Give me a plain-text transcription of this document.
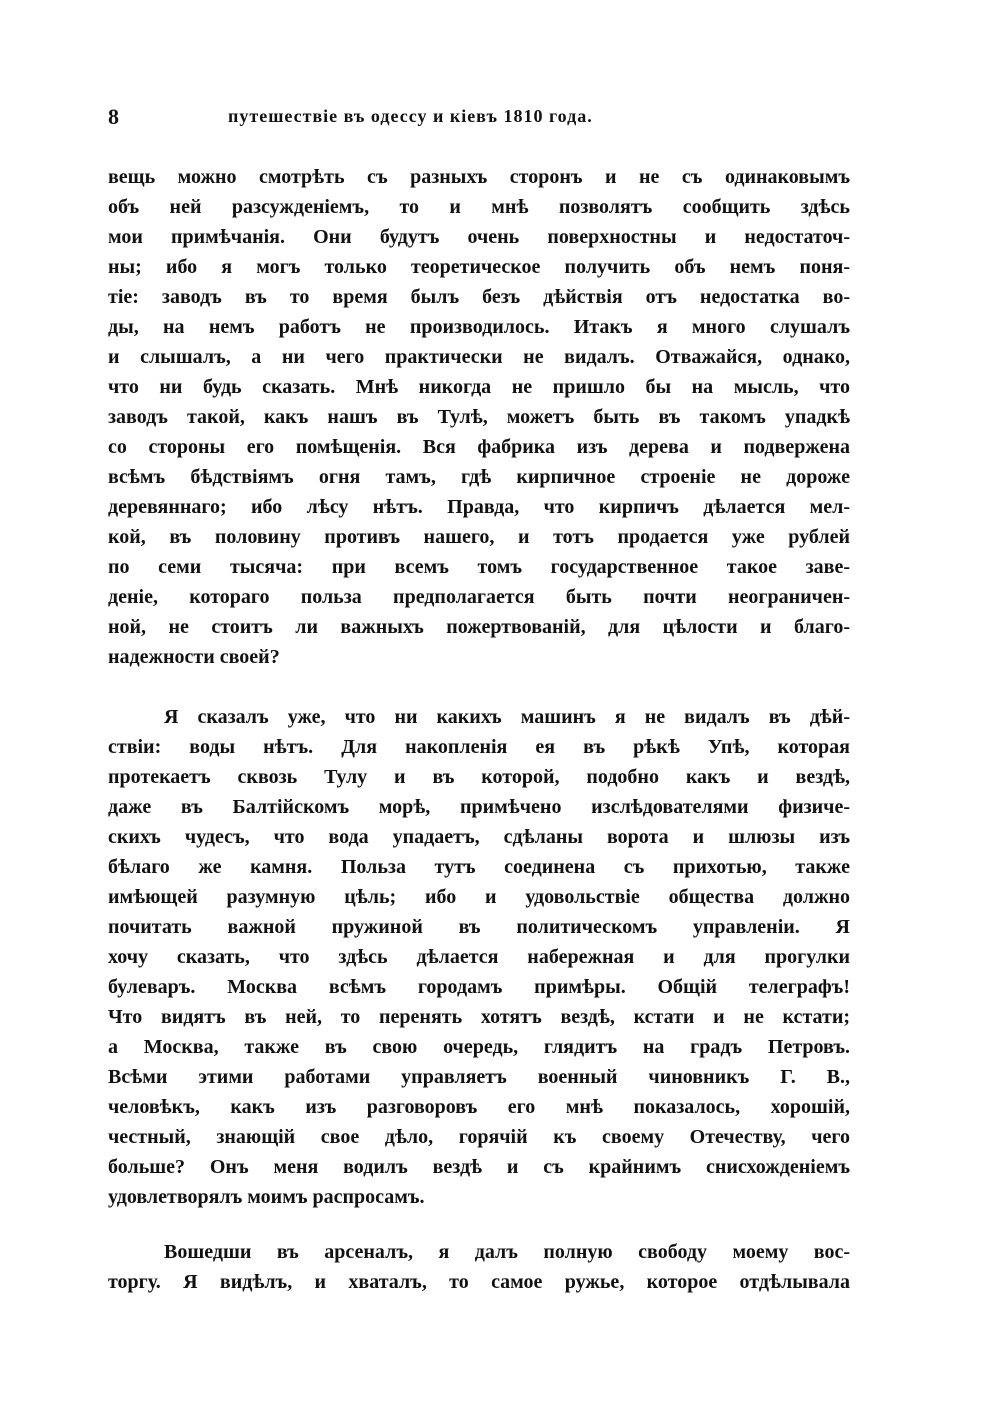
8	путешествіе въ одессу и кіевъ 1810 года.
вещь можно смотрѣть съ разныхъ сторонъ и не съ одинаковымъ
объ ней разсужденіемъ, то и мнѣ позволятъ сообщить здѣсь
мои примѣчанія. Они будутъ очень поверхностны и недостаточ-
ны; ибо я могъ только теоретическое получить объ немъ поня-
тіе: заводъ въ то время былъ безъ дѣйствія отъ недостатка во-
ды, на немъ работъ не производилось. Итакъ я много слушалъ
и слышалъ, а ни чего практически не видалъ. Отважайся, однако,
что ни будь сказать. Мнѣ никогда не пришло бы на мысль, что
заводъ такой, какъ нашъ въ Тулѣ, можетъ быть въ такомъ упадкѣ
со стороны его помѣщенія. Вся фабрика изъ дерева и подвержена
всѣмъ бѣдствіямъ огня тамъ, гдѣ кирпичное строеніе не дороже
деревяннаго; ибо лѣсу нѣтъ. Правда, что кирпичъ дѣлается мел-
кой, въ половину противъ нашего, и тотъ продается уже рублей
по семи тысяча: при всемъ томъ государственное такое заве-
деніе, котораго польза предполагается быть почти неограничен-
ной, не стоитъ ли важныхъ пожертвованій, для цѣлости и благо-
надежности своей?
Я сказалъ уже, что ни какихъ машинъ я не видалъ въ дѣй-
ствіи: воды нѣтъ. Для накопленія ея въ рѣкѣ Упѣ, которая
протекаетъ сквозь Тулу и въ которой, подобно какъ и вездѣ,
даже въ Балтійскомъ морѣ, примѣчено изслѣдователями физиче-
скихъ чудесъ, что вода упадаетъ, сдѣланы ворота и шлюзы изъ
бѣлаго же камня. Польза тутъ соединена съ прихотью, также
имѣющей разумную цѣль; ибо и удовольствіе общества должно
почитать важной пружиной въ политическомъ управленіи. Я
хочу сказать, что здѣсь дѣлается набережная и для прогулки
булеваръ. Москва всѣмъ городамъ примѣры. Общій телеграфъ!
Что видятъ въ ней, то перенять хотятъ вездѣ, кстати и не кстати;
а Москва, также въ свою очередь, глядитъ на градъ Петровъ.
Всѣми этими работами управляетъ военный чиновникъ Г. В.,
человѣкъ, какъ изъ разговоровъ его мнѣ показалось, хорошій,
честный, знающій свое дѣло, горячій къ своему Отечеству, чего
больше? Онъ меня водилъ вездѣ и съ крайнимъ снисхожденіемъ
удовлетворялъ моимъ распросамъ.
Вошедши въ арсеналъ, я далъ полную свободу моему вос-
торгу. Я видѣлъ, и хваталъ, то самое ружье, которое отдѣлывала
